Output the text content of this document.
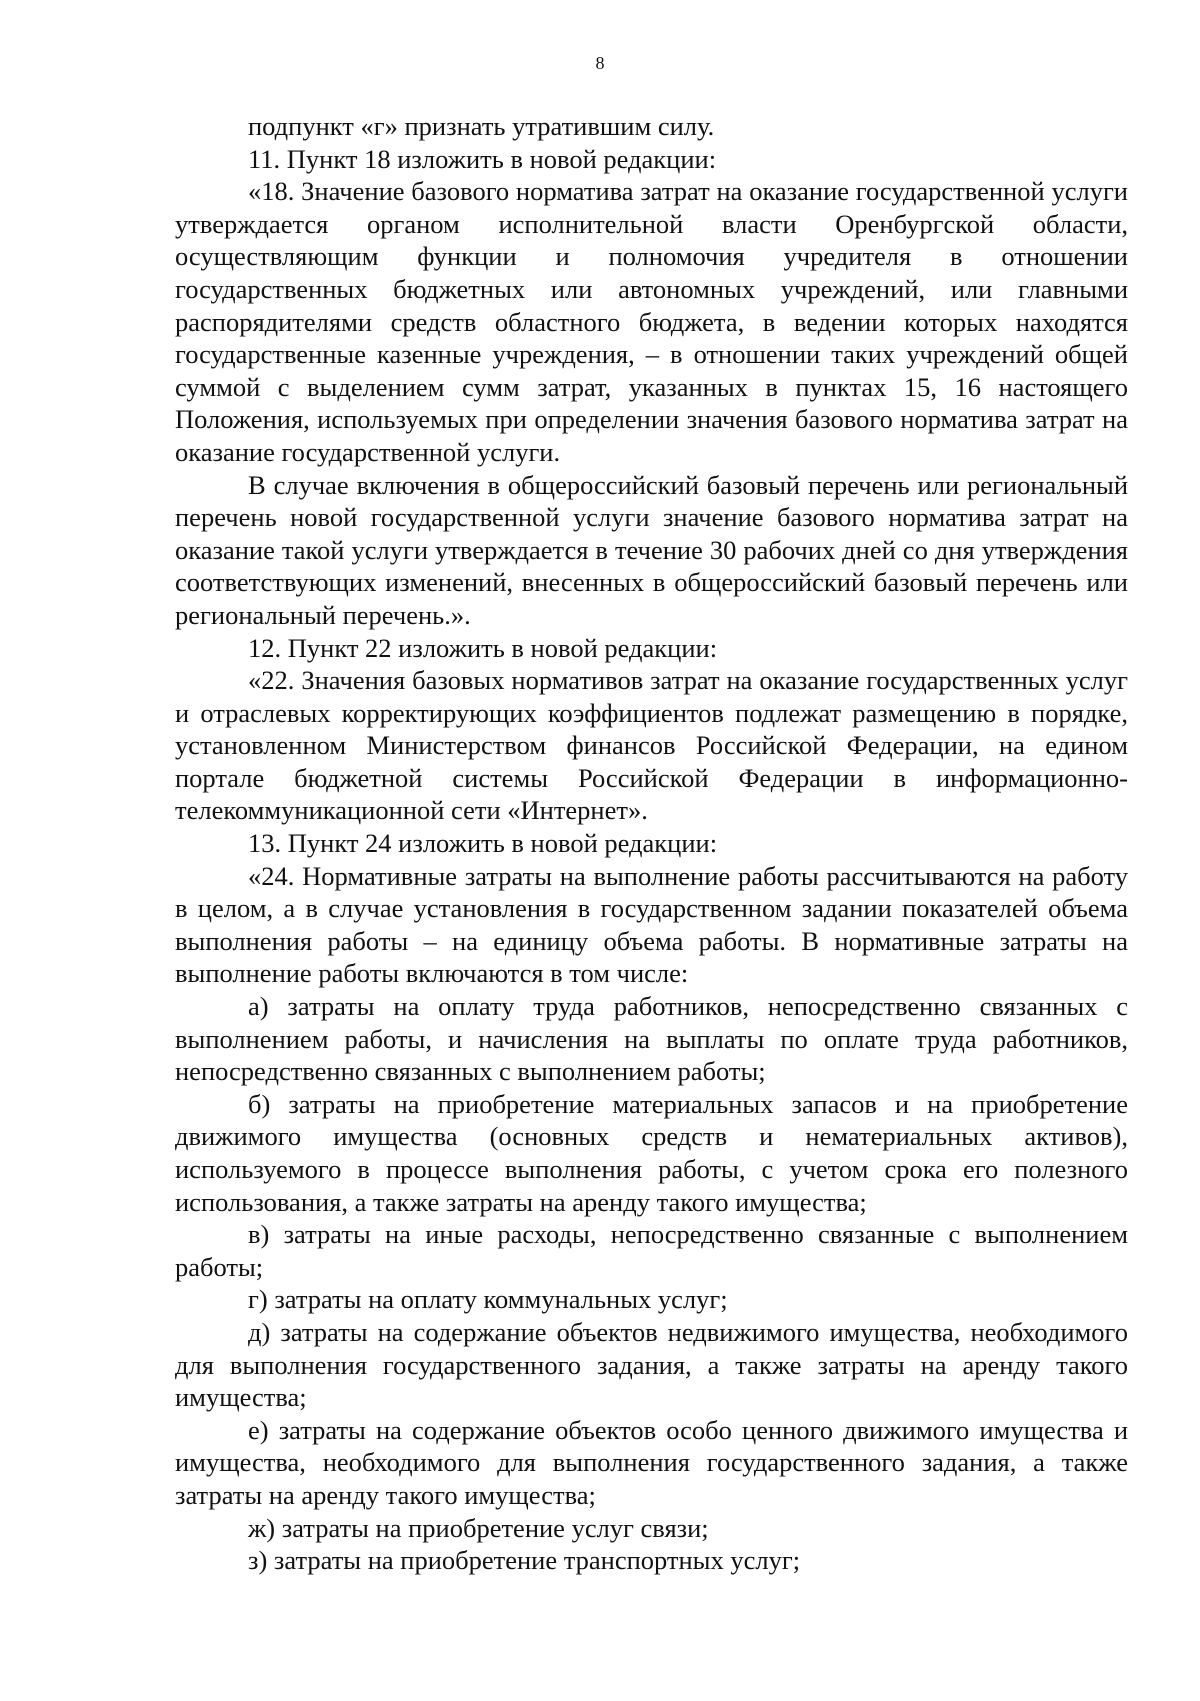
8

подпункт «г» признать утратившим силу.

11. Пункт 18 изложить в новой редакции:

«18. Значение базового норматива затрат на оказание государственной услуги утверждается органом исполнительной власти Оренбургской области, осуществляющим функции и полномочия учредителя в отношении государственных бюджетных или автономных учреждений, или главными распорядителями средств областного бюджета, в ведении которых находятся государственные казенные учреждения, – в отношении таких учреждений общей суммой с выделением сумм затрат, указанных в пунктах 15, 16 настоящего Положения, используемых при определении значения базового норматива затрат на оказание государственной услуги.

В случае включения в общероссийский базовый перечень или региональный перечень новой государственной услуги значение базового норматива затрат на оказание такой услуги утверждается в течение 30 рабочих дней со дня утверждения соответствующих изменений, внесенных в общероссийский базовый перечень или региональный перечень.».

12. Пункт 22 изложить в новой редакции:

«22. Значения базовых нормативов затрат на оказание государственных услуг и отраслевых корректирующих коэффициентов подлежат размещению в порядке, установленном Министерством финансов Российской Федерации, на едином портале бюджетной системы Российской Федерации в информационно-телекоммуникационной сети «Интернет».

13. Пункт 24 изложить в новой редакции:

«24. Нормативные затраты на выполнение работы рассчитываются на работу в целом, а в случае установления в государственном задании показателей объема выполнения работы – на единицу объема работы. В нормативные затраты на выполнение работы включаются в том числе:

а) затраты на оплату труда работников, непосредственно связанных с выполнением работы, и начисления на выплаты по оплате труда работников, непосредственно связанных с выполнением работы;

б) затраты на приобретение материальных запасов и на приобретение движимого имущества (основных средств и нематериальных активов), используемого в процессе выполнения работы, с учетом срока его полезного использования, а также затраты на аренду такого имущества;

в) затраты на иные расходы, непосредственно связанные с выполнением работы;

г) затраты на оплату коммунальных услуг;

д) затраты на содержание объектов недвижимого имущества, необходимого для выполнения государственного задания, а также затраты на аренду такого имущества;

е) затраты на содержание объектов особо ценного движимого имущества и имущества, необходимого для выполнения государственного задания, а также затраты на аренду такого имущества;

ж) затраты на приобретение услуг связи;

з) затраты на приобретение транспортных услуг;
